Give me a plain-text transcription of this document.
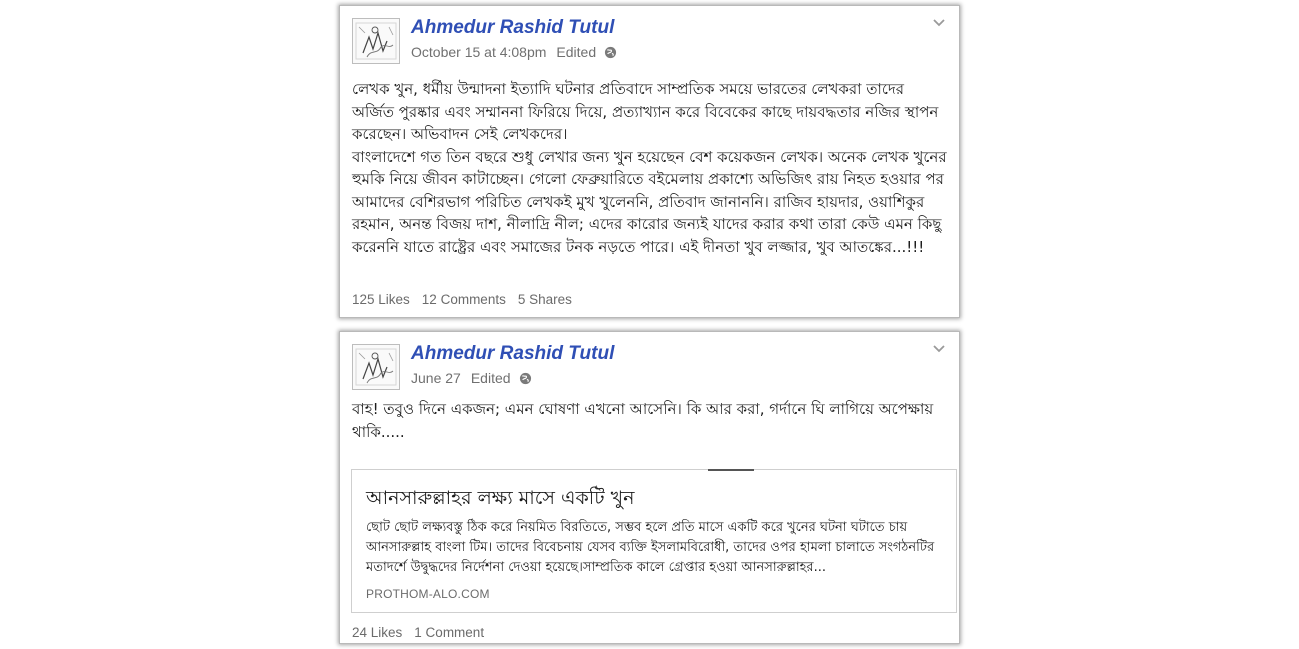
Ahmedur Rashid Tutul
October 15 at 4:08pm Edited
লেখক খুন, ধর্মীয় উন্মাদনা ইত্যাদি ঘটনার প্রতিবাদে সাম্প্রতিক সময়ে ভারতের লেখকরা তাদের অর্জিত পুরষ্কার এবং সম্মাননা ফিরিয়ে দিয়ে, প্রত্যাখ্যান করে বিবেকের কাছে দায়বদ্ধতার নজির স্থাপন করেছেন। অভিবাদন সেই লেখকদের।
বাংলাদেশে গত তিন বছরে শুধু লেখার জন্য খুন হয়েছেন বেশ কয়েকজন লেখক। অনেক লেখক খুনের হুমকি নিয়ে জীবন কাটাচ্ছেন। গেলো ফেব্রুয়ারিতে বইমেলায় প্রকাশ্যে অভিজিৎ রায় নিহত হওয়ার পর আমাদের বেশিরভাগ পরিচিত লেখকই মুখ খুলেননি, প্রতিবাদ জানাননি। রাজিব হায়দার, ওয়াশিকুর রহমান, অনন্ত বিজয় দাশ, নীলাদ্রি নীল; এদের কারোর জন্যই যাদের করার কথা তারা কেউ এমন কিছু করেননি যাতে রাষ্ট্রের এবং সমাজের টনক নড়তে পারে। এই দীনতা খুব লজ্জার, খুব আতঙ্কের...!!!
125 Likes 12 Comments 5 Shares
Ahmedur Rashid Tutul
June 27 Edited
বাহ! তবুও দিনে একজন; এমন ঘোষণা এখনো আসেনি। কি আর করা, গর্দানে ঘি লাগিয়ে অপেক্ষায় থাকি.....
আনসারুল্লাহর লক্ষ্য মাসে একটি খুন
ছোট ছোট লক্ষ্যবস্তু ঠিক করে নিয়মিত বিরতিতে, সম্ভব হলে প্রতি মাসে একটি করে খুনের ঘটনা ঘটাতে চায় আনসারুল্লাহ বাংলা টিম। তাদের বিবেচনায় যেসব ব্যক্তি ইসলামবিরোধী, তাদের ওপর হামলা চালাতে সংগঠনটির মতাদর্শে উদ্বুদ্ধদের নির্দেশনা দেওয়া হয়েছে।সাম্প্রতিক কালে গ্রেপ্তার হওয়া আনসারুল্লাহর...
PROTHOM-ALO.COM
24 Likes 1 Comment
